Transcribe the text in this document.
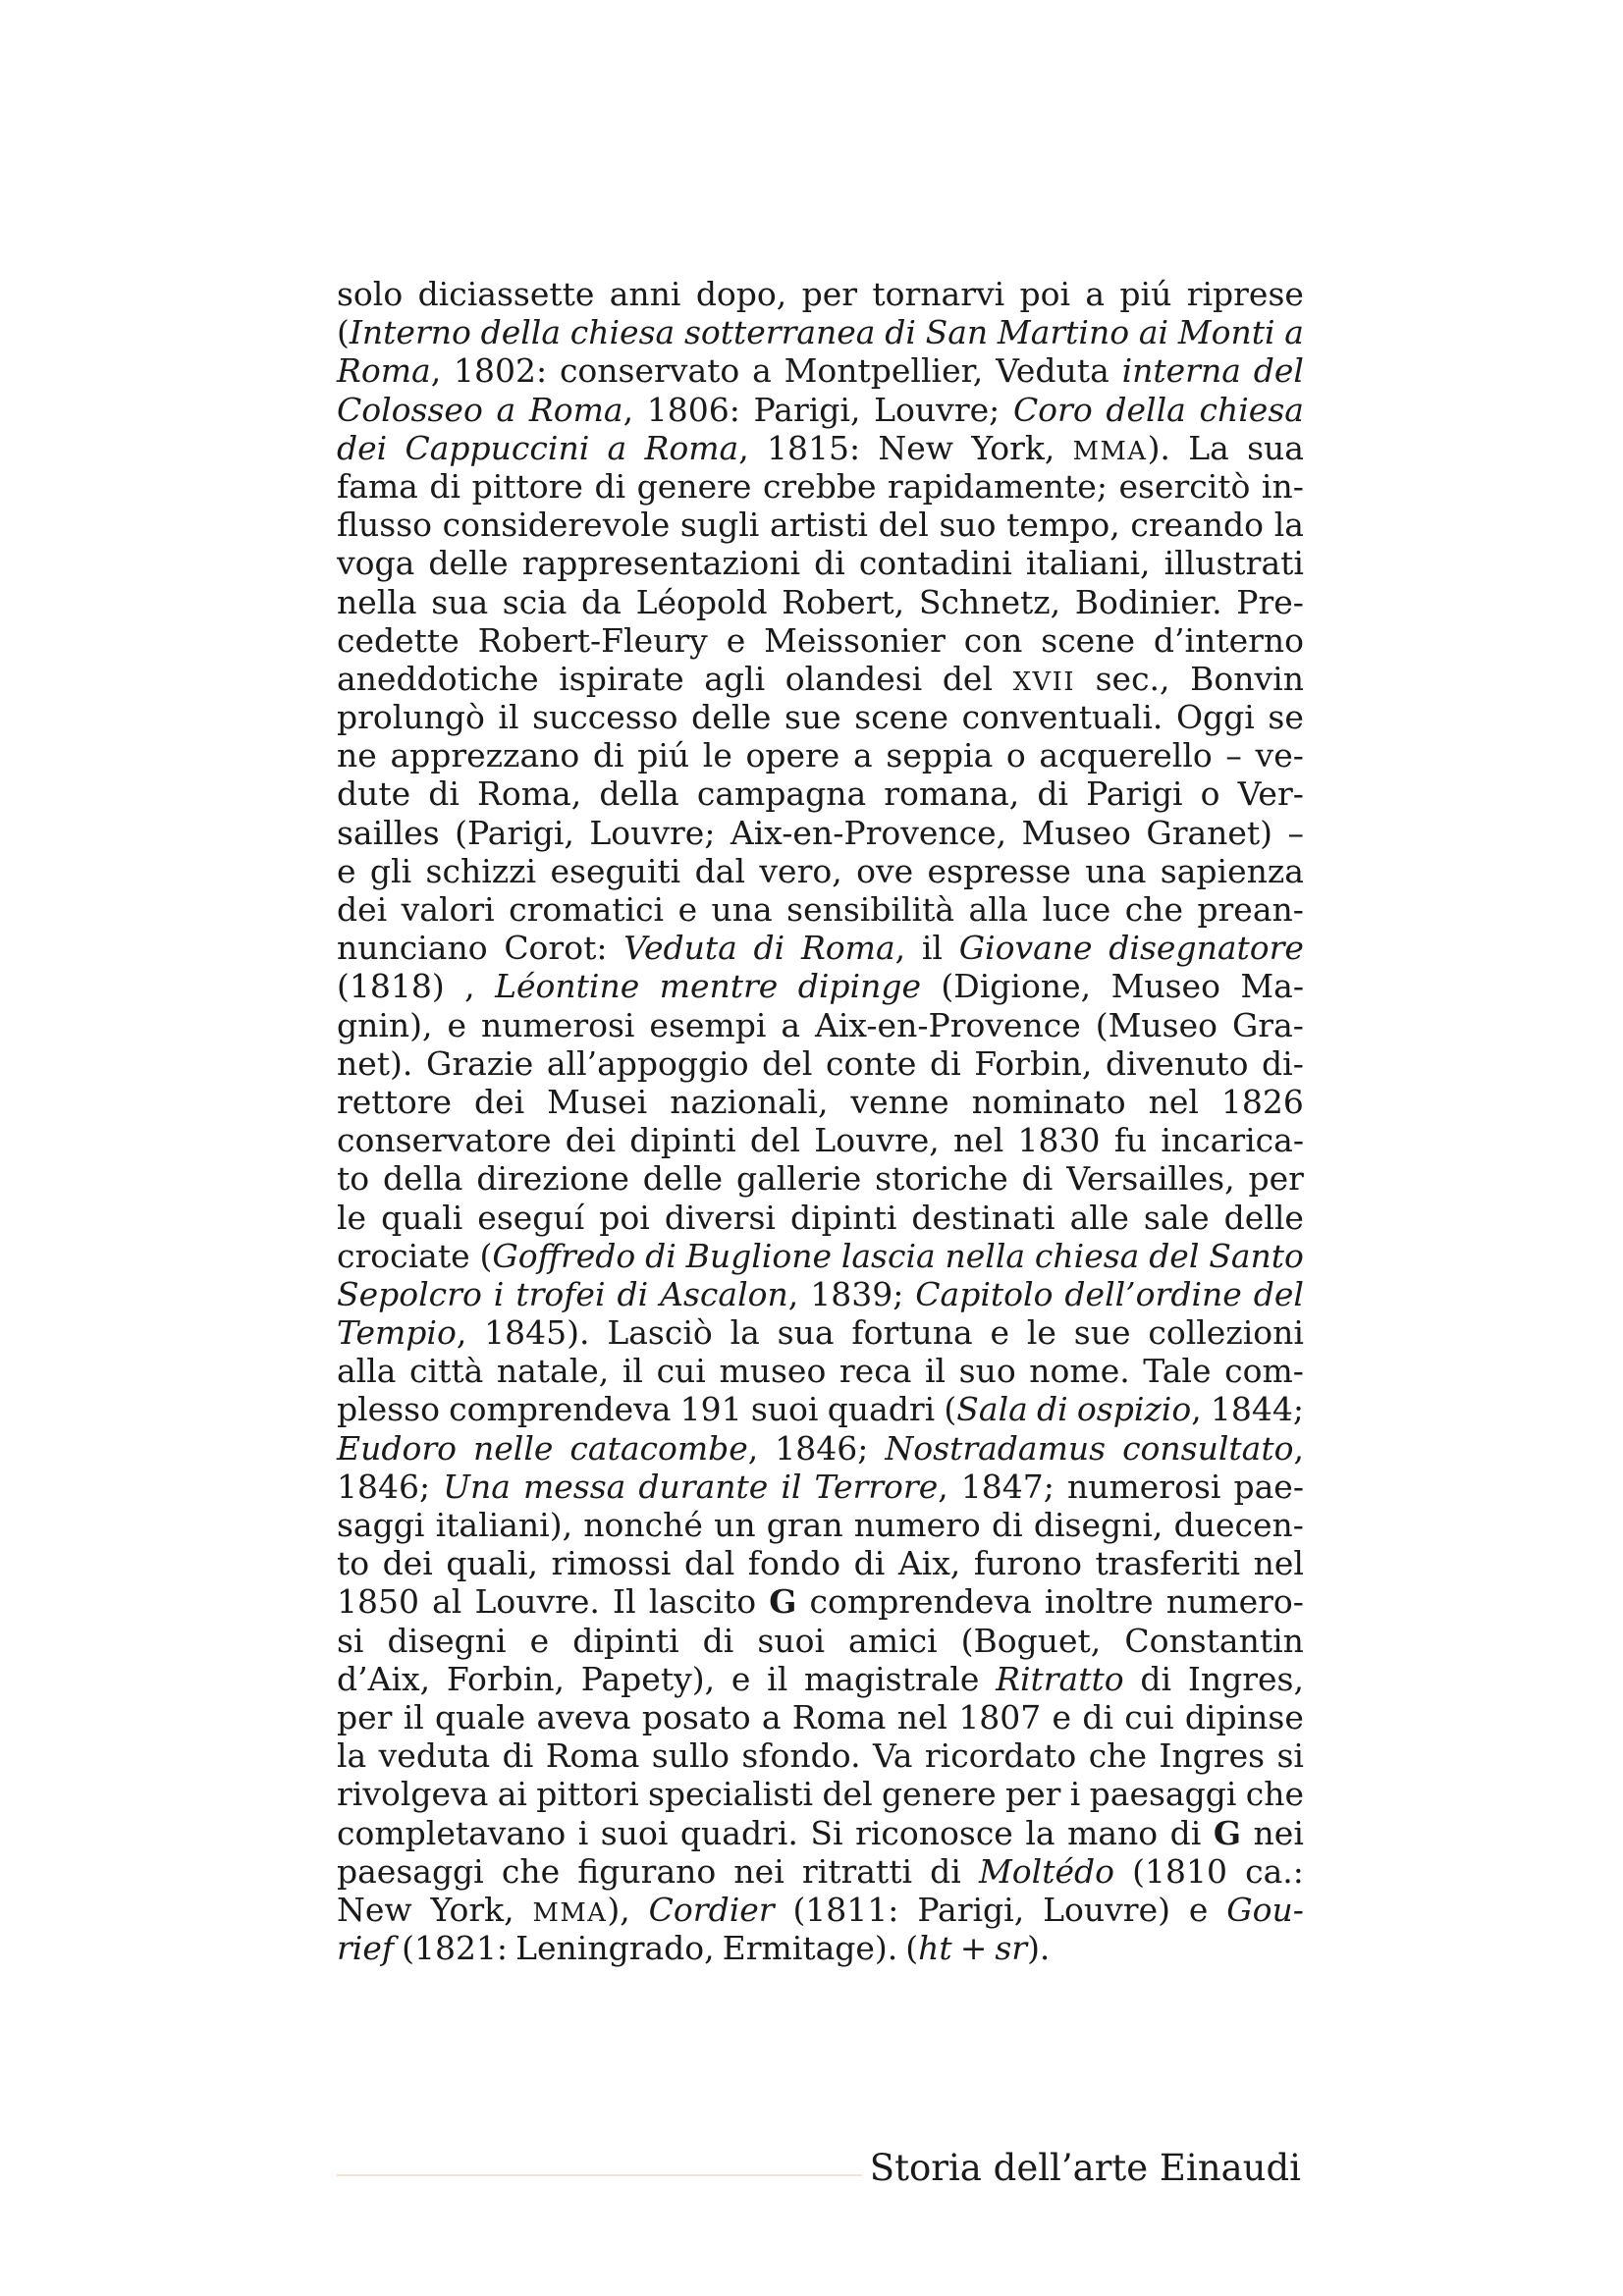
solo diciassette anni dopo, per tornarvi poi a piú riprese
(Interno della chiesa sotterranea di San Martino ai Monti a
Roma, 1802: conservato a Montpellier, Veduta interna del
Colosseo a Roma, 1806: Parigi, Louvre; Coro della chiesa
dei Cappuccini a Roma, 1815: New York, MMA). La sua
fama di pittore di genere crebbe rapidamente; esercitò in-
flusso considerevole sugli artisti del suo tempo, creando la
voga delle rappresentazioni di contadini italiani, illustrati
nella sua scia da Léopold Robert, Schnetz, Bodinier. Pre-
cedette Robert-Fleury e Meissonier con scene d’interno
aneddotiche ispirate agli olandesi del XVII sec., Bonvin
prolungò il successo delle sue scene conventuali. Oggi se
ne apprezzano di piú le opere a seppia o acquerello – ve-
dute di Roma, della campagna romana, di Parigi o Ver-
sailles (Parigi, Louvre; Aix-en-Provence, Museo Granet) –
e gli schizzi eseguiti dal vero, ove espresse una sapienza
dei valori cromatici e una sensibilità alla luce che prean-
nunciano Corot: Veduta di Roma, il Giovane disegnatore
(1818) , Léontine mentre dipinge (Digione, Museo Ma-
gnin), e numerosi esempi a Aix-en-Provence (Museo Gra-
net). Grazie all’appoggio del conte di Forbin, divenuto di-
rettore dei Musei nazionali, venne nominato nel 1826
conservatore dei dipinti del Louvre, nel 1830 fu incarica-
to della direzione delle gallerie storiche di Versailles, per
le quali eseguí poi diversi dipinti destinati alle sale delle
crociate (Goffredo di Buglione lascia nella chiesa del Santo
Sepolcro i trofei di Ascalon, 1839; Capitolo dell’ordine del
Tempio, 1845). Lasciò la sua fortuna e le sue collezioni
alla città natale, il cui museo reca il suo nome. Tale com-
plesso comprendeva 191 suoi quadri (Sala di ospizio, 1844;
Eudoro nelle catacombe, 1846; Nostradamus consultato,
1846; Una messa durante il Terrore, 1847; numerosi pae-
saggi italiani), nonché un gran numero di disegni, duecen-
to dei quali, rimossi dal fondo di Aix, furono trasferiti nel
1850 al Louvre. Il lascito G comprendeva inoltre numero-
si disegni e dipinti di suoi amici (Boguet, Constantin
d’Aix, Forbin, Papety), e il magistrale Ritratto di Ingres,
per il quale aveva posato a Roma nel 1807 e di cui dipinse
la veduta di Roma sullo sfondo. Va ricordato che Ingres si
rivolgeva ai pittori specialisti del genere per i paesaggi che
completavano i suoi quadri. Si riconosce la mano di G nei
paesaggi che figurano nei ritratti di Moltédo (1810 ca.:
New York, MMA), Cordier (1811: Parigi, Louvre) e Gou-
rief (1821: Leningrado, Ermitage). (ht + sr).
Storia dell’arte Einaudi
